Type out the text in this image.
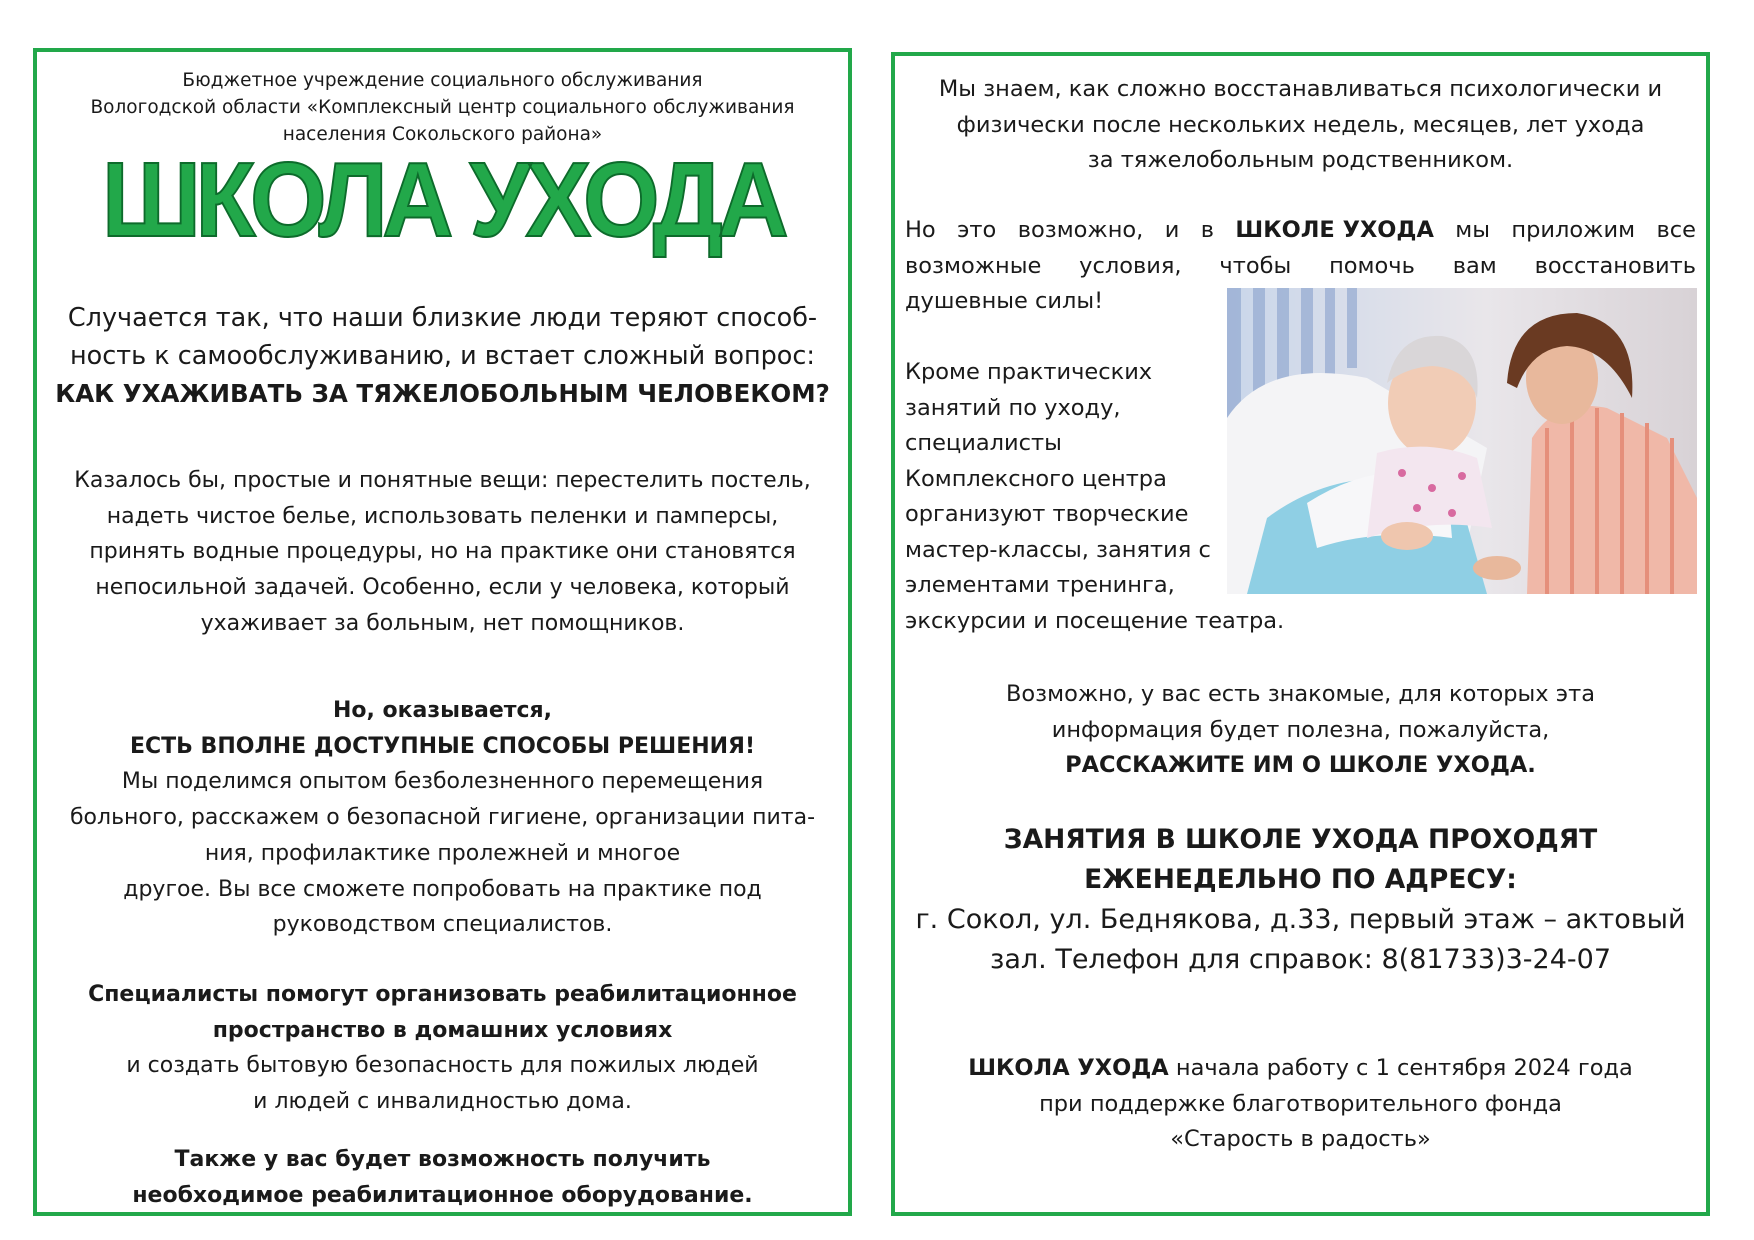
Бюджетное учреждение социального обслуживания
Вологодской области «Комплексный центр социального обслуживания
населения Сокольского района»
ШКОЛА УХОДА
Случается так, что наши близкие люди теряют способ-
ность к самообслуживанию, и встает сложный вопрос:
КАК УХАЖИВАТЬ ЗА ТЯЖЕЛОБОЛЬНЫМ ЧЕЛОВЕКОМ?
Казалось бы, простые и понятные вещи: перестелить постель,
надеть чистое белье, использовать пеленки и памперсы,
принять водные процедуры, но на практике они становятся
непосильной задачей. Особенно, если у человека, который
ухаживает за больным, нет помощников.
Но, оказывается,
ЕСТЬ ВПОЛНЕ ДОСТУПНЫЕ СПОСОБЫ РЕШЕНИЯ!
Мы поделимся опытом безболезненного перемещения
больного, расскажем о безопасной гигиене, организации пита-
ния, профилактике пролежней и многое
другое. Вы все сможете попробовать на практике под
руководством специалистов.
Специалисты помогут организовать реабилитационное
пространство в домашних условиях
и создать бытовую безопасность для пожилых людей
и людей с инвалидностью дома.
Также у вас будет возможность получить
необходимое реабилитационное оборудование.
Мы знаем, как сложно восстанавливаться психологически и
физически после нескольких недель, месяцев, лет ухода
за тяжелобольным родственником.
Но это возможно, и в ШКОЛЕ УХОДА мы приложим все
возможные условия, чтобы помочь вам восстановить
душевные силы!
Кроме практических
занятий по уходу,
специалисты
Комплексного центра
организуют творческие
мастер-классы, занятия с
элементами тренинга,
экскурсии и посещение театра.
Возможно, у вас есть знакомые, для которых эта
информация будет полезна, пожалуйста,
РАССКАЖИТЕ ИМ О ШКОЛЕ УХОДА.
ЗАНЯТИЯ В ШКОЛЕ УХОДА ПРОХОДЯТ
ЕЖЕНЕДЕЛЬНО ПО АДРЕСУ:
г. Сокол, ул. Беднякова, д.33, первый этаж – актовый
зал. Телефон для справок: 8(81733)3-24-07
ШКОЛА УХОДА начала работу с 1 сентября 2024 года
при поддержке благотворительного фонда
«Старость в радость»
